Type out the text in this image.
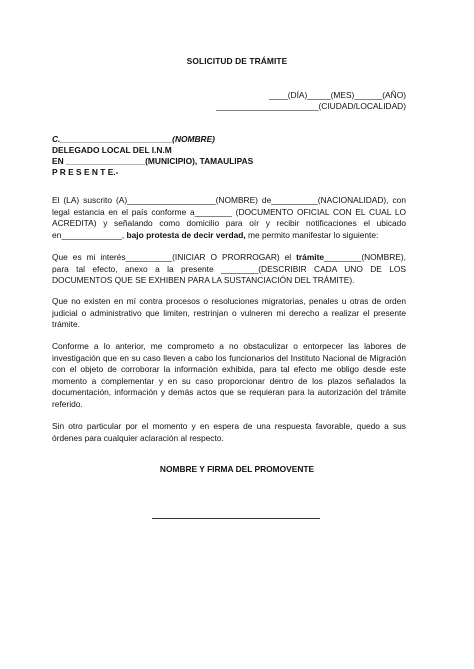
SOLICITUD DE TRÁMITE
____(DÍA)_____(MES)______(AÑO)
______________________(CIUDAD/LOCALIDAD)
C.________________________(NOMBRE)
DELEGADO LOCAL DEL I.N.M
EN _________________(MUNICIPIO), TAMAULIPAS
P R E S E N T E.-
El (LA) suscrito (A)___________________(NOMBRE) de__________(NACIONALIDAD), con legal estancia en el país conforme a________ (DOCUMENTO OFICIAL CON EL CUAL LO ACREDITA) y señalando como domicilio para oír y recibir notificaciones el ubicado en_____________, bajo protesta de decir verdad, me permito manifestar lo siguiente:
Que es mi interés__________(INICIAR O PRORROGAR) el trámite________(NOMBRE), para tal efecto, anexo a la presente ________(DESCRIBIR CADA UNO DE LOS DOCUMENTOS QUE SE EXHIBEN PARA LA SUSTANCIACIÓN DEL TRÁMITE).
Que no existen en mí contra procesos o resoluciones migratorias, penales u otras de orden judicial o administrativo que limiten, restrinjan o vulneren mi derecho a realizar el presente trámite.
Conforme a lo anterior, me comprometo a no obstaculizar o entorpecer las labores de investigación que en su caso lleven a cabo los funcionarios del Instituto Nacional de Migración con el objeto de corroborar la información exhibida, para tal efecto me obligo desde este momento a complementar y en su caso proporcionar dentro de los plazos señalados la documentación, información y demás actos que se requieran para la autorización del trámite referido.
Sin otro particular por el momento y en espera de una respuesta favorable, quedo a sus órdenes para cualquier aclaración al respecto.
NOMBRE Y FIRMA DEL PROMOVENTE
